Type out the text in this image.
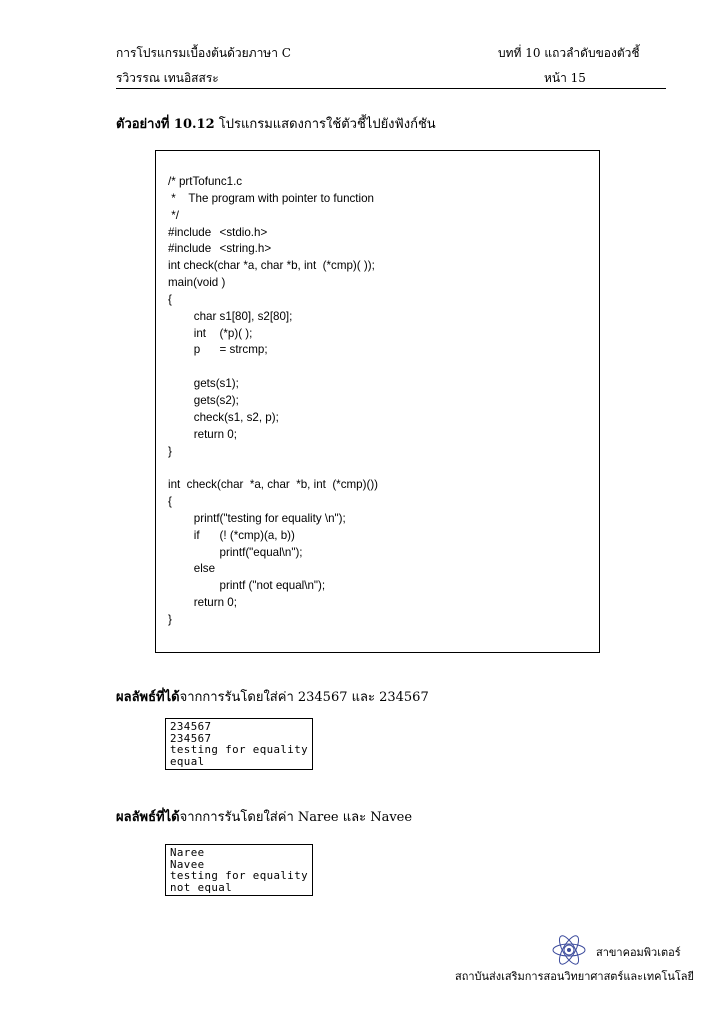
การโปรแกรมเบื้องต้นด้วยภาษา C	บทที่ 10 แถวลำดับของตัวชี้
รวิวรรณ เทนอิสสระ	หน้า 15
ตัวอย่างที่ 10.12 โปรแกรมแสดงการใช้ตัวชี้ไปยังฟังก์ชัน
/* prtTofunc1.c
*    The program with pointer to function
*/
#include	<stdio.h>
#include	<string.h>
int check(char *a, char *b, int  (*cmp)( ));
main(void )
{
	char	s1[80], s2[80];
	int	(*p)( );
	p	= strcmp;

	gets(s1);
	gets(s2);
	check(s1, s2, p);
	return 0;
}

int  check(char  *a, char  *b, int  (*cmp)())
{
	printf("testing for equality \n");
	if	(! (*cmp)(a, b))
		printf("equal\n");
	else
		printf ("not equal\n");
	return 0;
}
ผลลัพธ์ที่ได้จากการรันโดยใส่ค่า 234567 และ 234567
234567
234567
testing for equality
equal
ผลลัพธ์ที่ได้จากการรันโดยใส่ค่า Naree และ Navee
Naree
Navee
testing for equality
not equal
สาขาคอมพิวเตอร์
สถาบันส่งเสริมการสอนวิทยาศาสตร์และเทคโนโลยี
